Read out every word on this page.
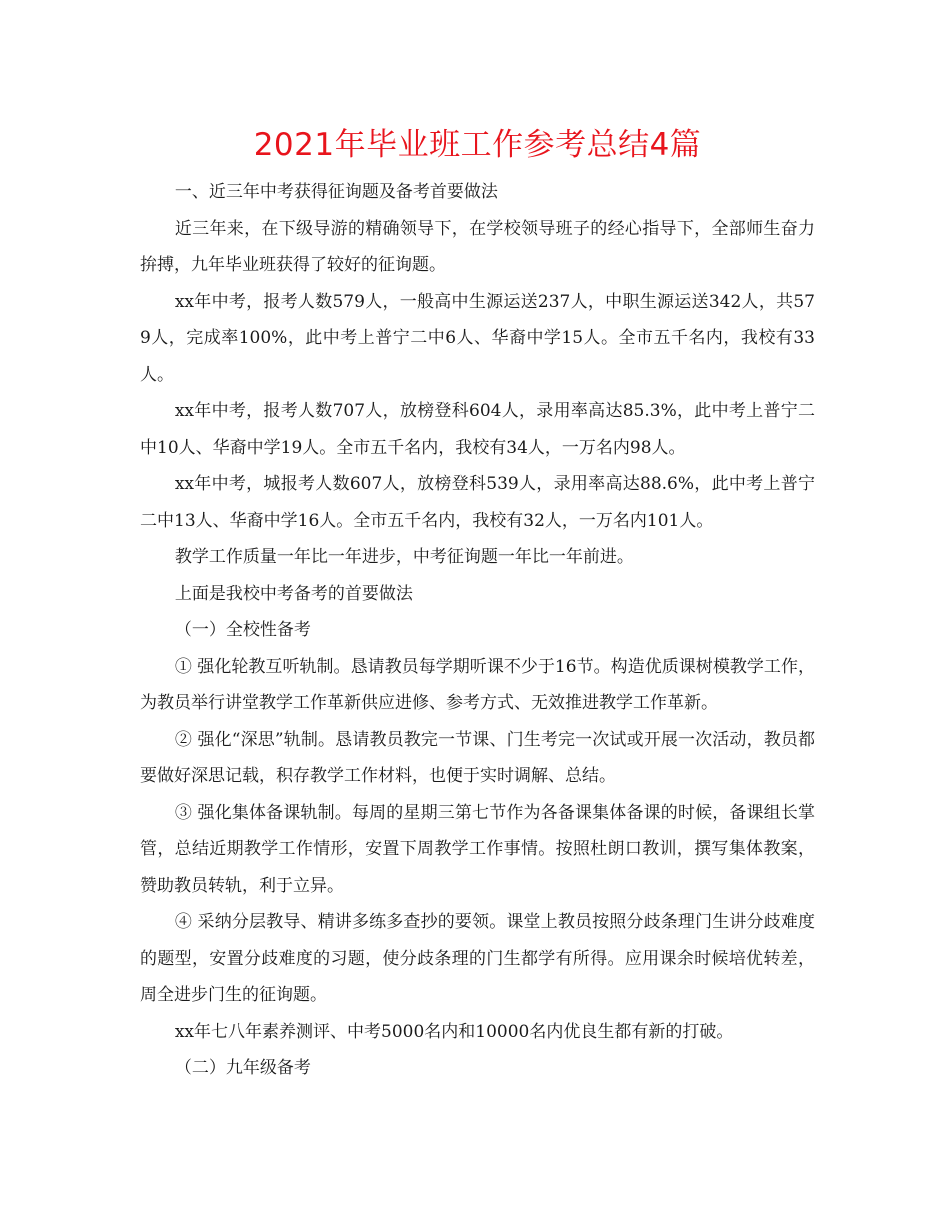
2021年毕业班工作参考总结4篇

一、近三年中考获得征询题及备考首要做法

近三年来，在下级导游的精确领导下，在学校领导班子的经心指导下，全部师生奋力拚搏，九年毕业班获得了较好的征询题。

xx年中考，报考人数579人，一般高中生源运送237人，中职生源运送342人，共579人，完成率100%，此中考上普宁二中6人、华裔中学15人。全市五千名内，我校有33人。

xx年中考，报考人数707人，放榜登科604人，录用率高达85.3%，此中考上普宁二中10人、华裔中学19人。全市五千名内，我校有34人，一万名内98人。

xx年中考，城报考人数607人，放榜登科539人，录用率高达88.6%，此中考上普宁二中13人、华裔中学16人。全市五千名内，我校有32人，一万名内101人。

教学工作质量一年比一年进步，中考征询题一年比一年前进。

上面是我校中考备考的首要做法

（一）全校性备考

① 强化轮教互听轨制。恳请教员每学期听课不少于16节。构造优质课树模教学工作，为教员举行讲堂教学工作革新供应进修、参考方式、无效推进教学工作革新。

② 强化“深思”轨制。恳请教员教完一节课、门生考完一次试或开展一次活动，教员都要做好深思记载，积存教学工作材料，也便于实时调解、总结。

③ 强化集体备课轨制。每周的星期三第七节作为各备课集体备课的时候，备课组长掌管，总结近期教学工作情形，安置下周教学工作事情。按照杜朗口教训，撰写集体教案，赞助教员转轨，利于立异。

④ 采纳分层教导、精讲多练多查抄的要领。课堂上教员按照分歧条理门生讲分歧难度的题型，安置分歧难度的习题，使分歧条理的门生都学有所得。应用课余时候培优转差，周全进步门生的征询题。

xx年七八年素养测评、中考5000名内和10000名内优良生都有新的打破。

（二）九年级备考
